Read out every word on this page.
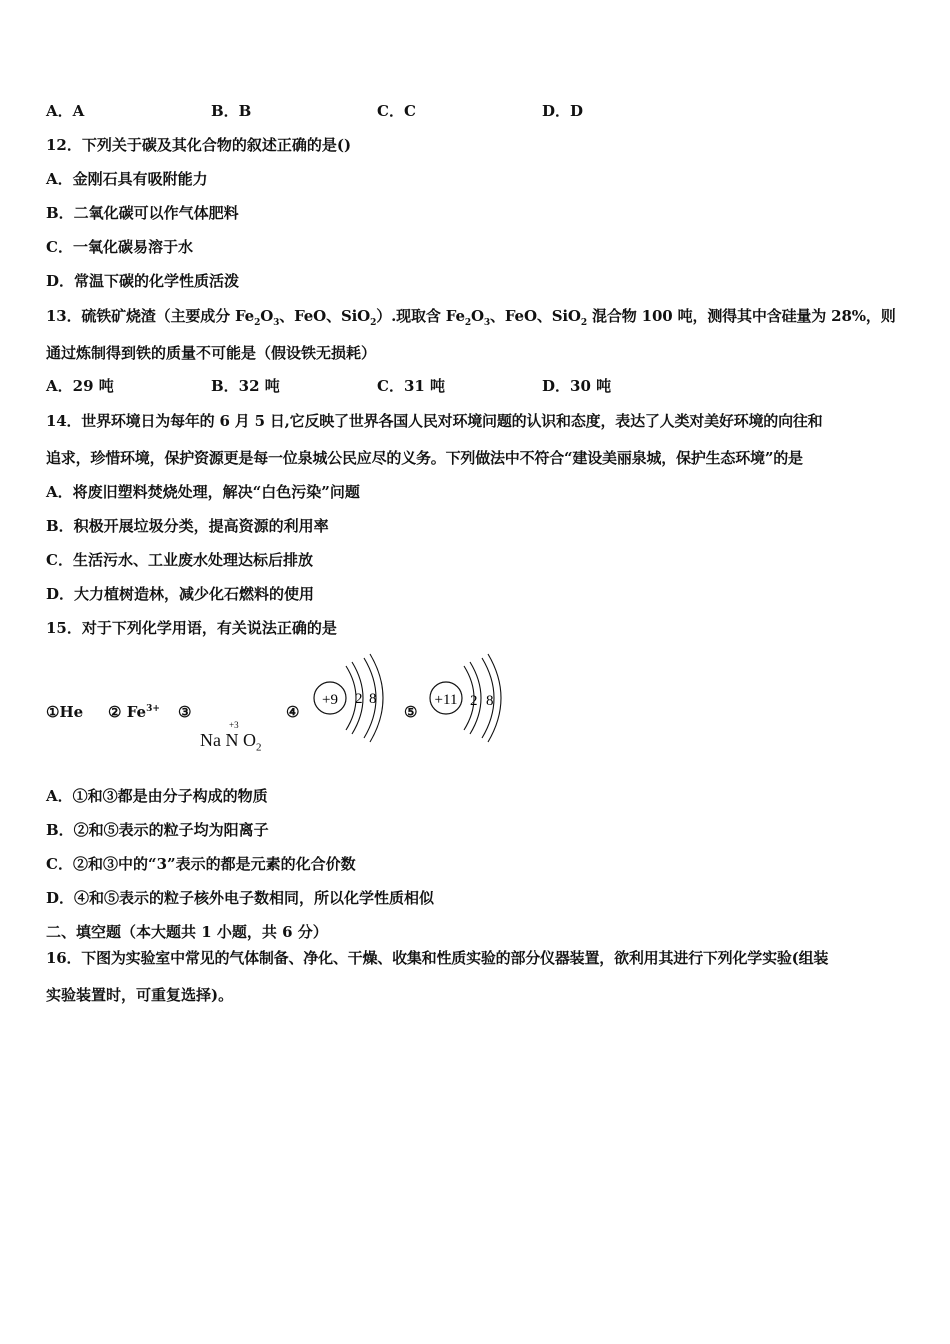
A．A	B．B	C．C	D．D
12．下列关于碳及其化合物的叙述正确的是()
A．金刚石具有吸附能力
B．二氧化碳可以作气体肥料
C．一氧化碳易溶于水
D．常温下碳的化学性质活泼
13．硫铁矿烧渣（主要成分 $Fe_2O_3$、FeO、SiO$_2$）.现取含 $Fe_2O_3$、FeO、SiO$_2$ 混合物 100 吨，测得其中含硅量为 28%，则
通过炼制得到铁的质量不可能是（假设铁无损耗）
A．29 吨	B．32 吨	C．31 吨	D．30 吨
14．世界环境日为每年的 6 月 5 日,它反映了世界各国人民对环境问题的认识和态度，表达了人类对美好环境的向往和
追求，珍惜环境，保护资源更是每一位泉城公民应尽的义务。下列做法中不符合“建设美丽泉城，保护生态环境”的是
A．将废旧塑料焚烧处理，解决“白色污染”问题
B．积极开展垃圾分类，提高资源的利用率
C．生活污水、工业废水处理达标后排放
D．大力植树造林，减少化石燃料的使用
15．对于下列化学用语，有关说法正确的是
①He ② $Fe^{3+}$ ③
+3
Na N $O_2$
④
+9 2 8
⑤
+11 2 8
A．①和③都是由分子构成的物质
B．②和⑤表示的粒子均为阳离子
C．②和③中的“3”表示的都是元素的化合价数
D．④和⑤表示的粒子核外电子数相同，所以化学性质相似
二、填空题（本大题共 1 小题，共 6 分）
16．下图为实验室中常见的气体制备、净化、干燥、收集和性质实验的部分仪器装置，欲利用其进行下列化学实验(组装
实验装置时，可重复选择)。
